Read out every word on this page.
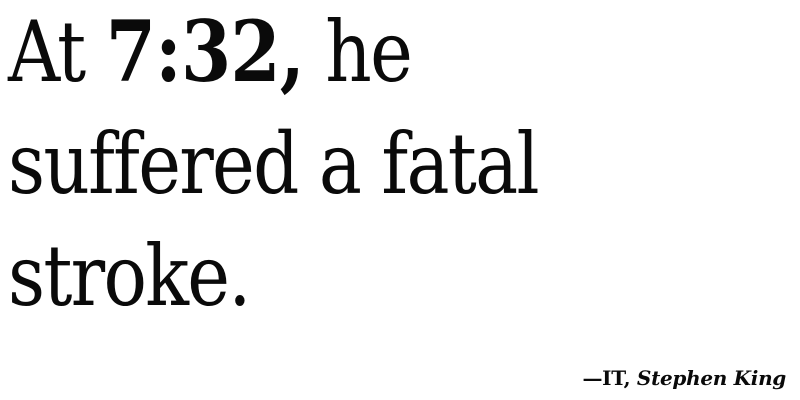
At 7:32, he
suffered a fatal
stroke.
—IT, Stephen King
